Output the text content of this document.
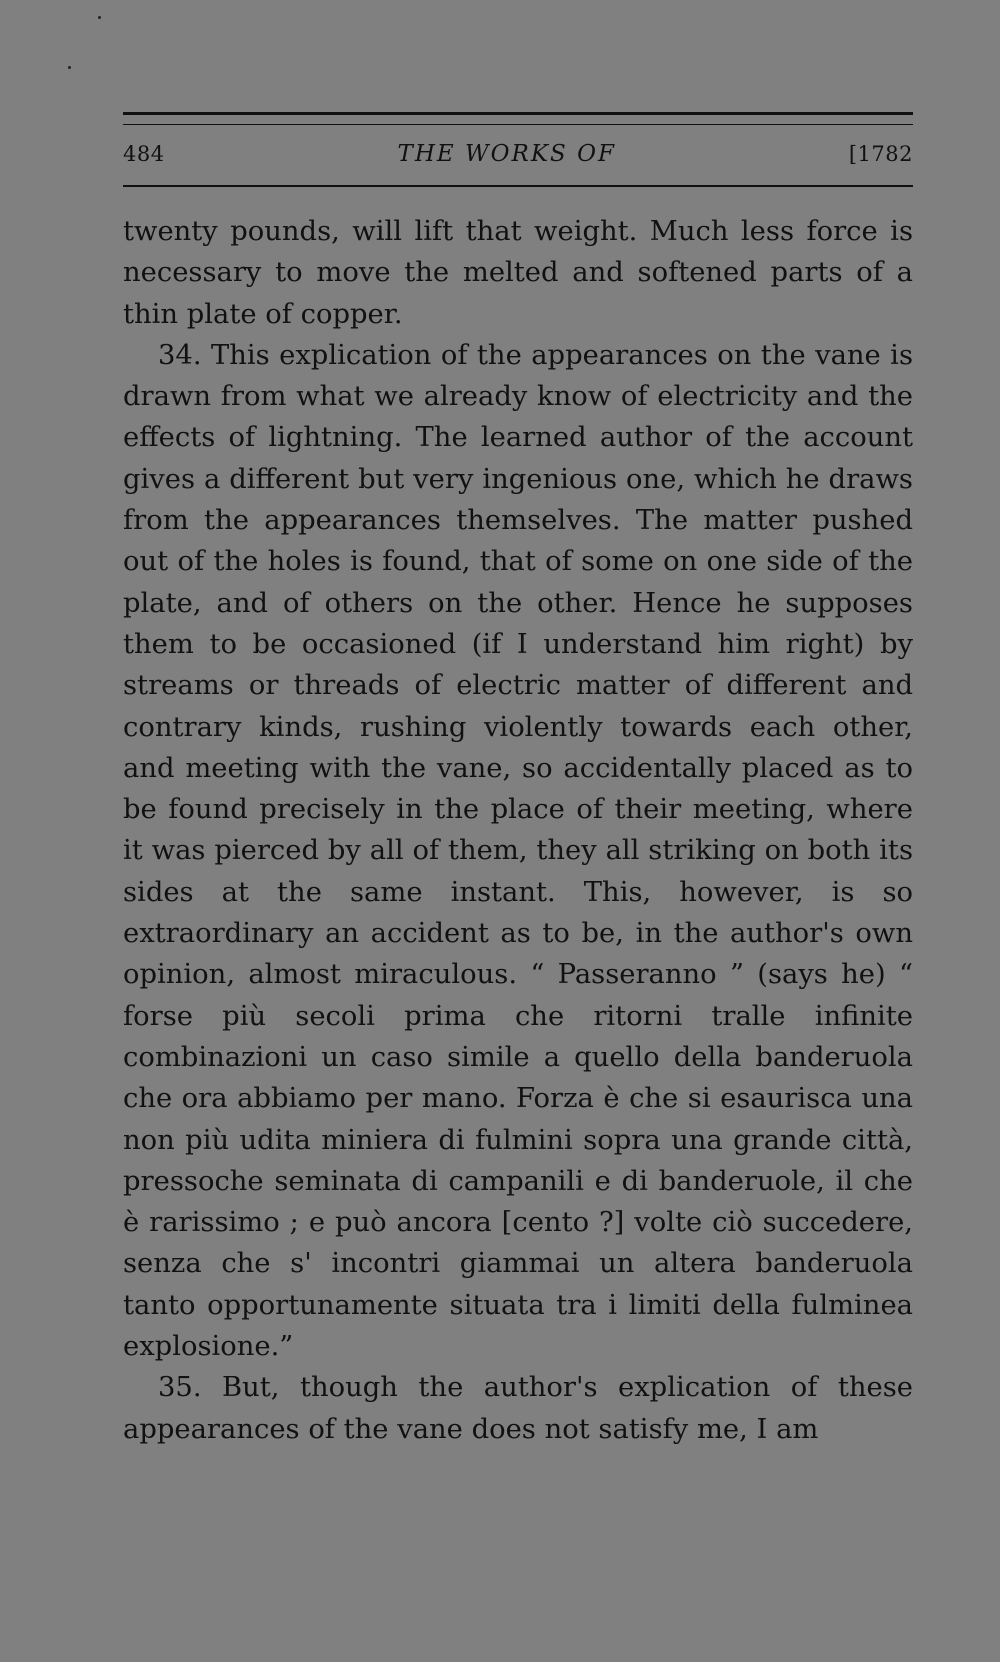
484	THE WORKS OF	[1782

twenty pounds, will lift that weight. Much less force is necessary to move the melted and softened parts of a thin plate of copper.

34. This explication of the appearances on the vane is drawn from what we already know of electricity and the effects of lightning. The learned author of the account gives a different but very ingenious one, which he draws from the appearances themselves. The matter pushed out of the holes is found, that of some on one side of the plate, and of others on the other. Hence he supposes them to be occasioned (if I understand him right) by streams or threads of electric matter of different and contrary kinds, rushing violently towards each other, and meeting with the vane, so accidentally placed as to be found precisely in the place of their meeting, where it was pierced by all of them, they all striking on both its sides at the same instant. This, however, is so extraordinary an accident as to be, in the author's own opinion, almost miraculous. “ Passeranno ” (says he) “ forse più secoli prima che ritorni tralle infinite combinazioni un caso simile a quello della banderuola che ora abbiamo per mano. Forza è che si esaurisca una non più udita miniera di fulmini sopra una grande città, pressoche seminata di campanili e di banderuole, il che è rarissimo ; e può ancora [cento ?] volte ciò succedere, senza che s' incontri giammai un altera banderuola tanto opportunamente situata tra i limiti della fulminea explosione.”

35. But, though the author's explication of these appearances of the vane does not satisfy me, I am
